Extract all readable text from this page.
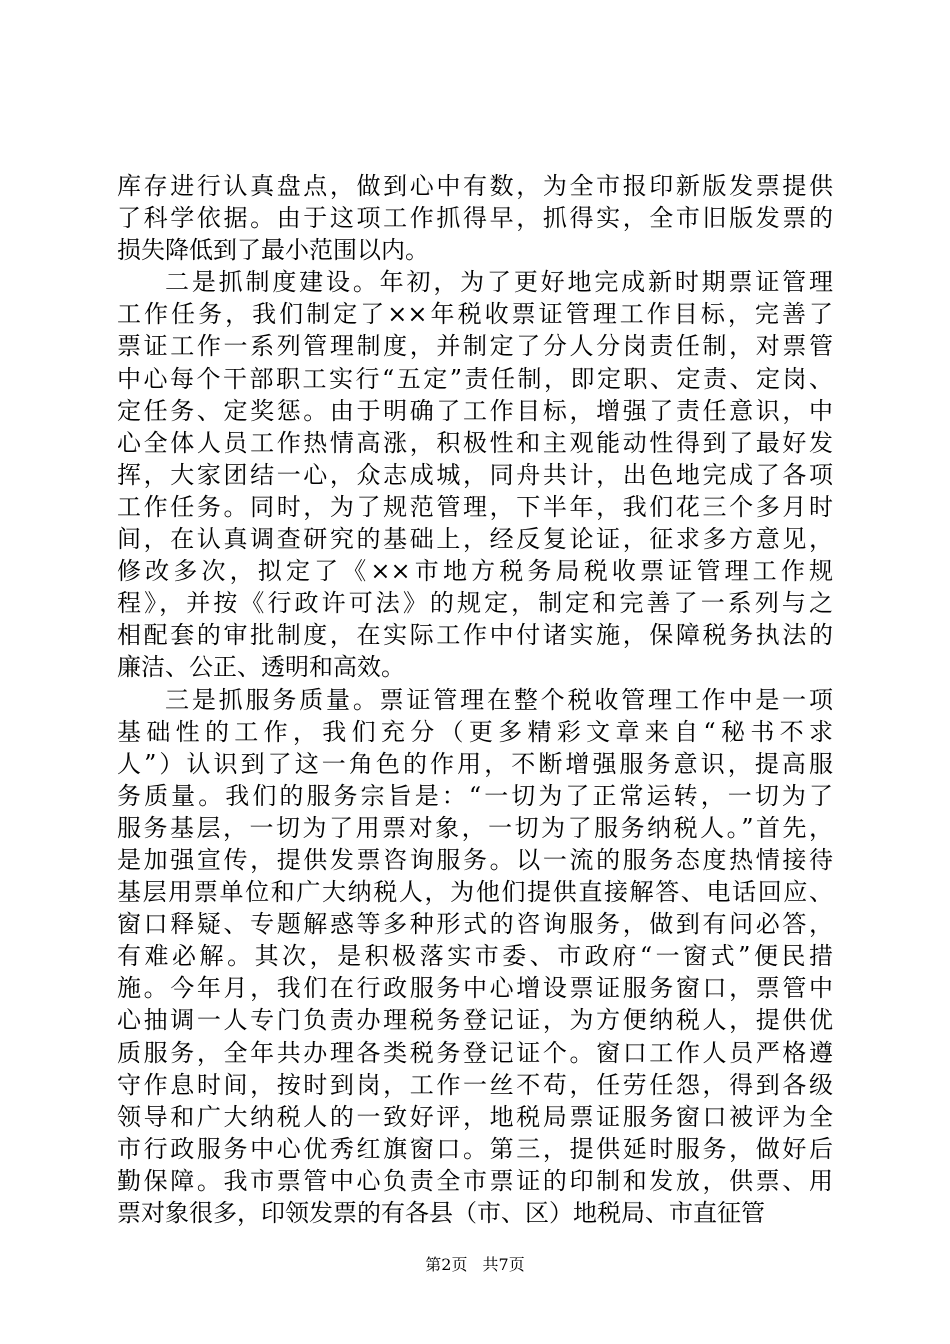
库存进行认真盘点，做到心中有数，为全市报印新版发票提供
了科学依据。由于这项工作抓得早，抓得实，全市旧版发票的
损失降低到了最小范围以内。
二是抓制度建设。年初，为了更好地完成新时期票证管理
工作任务，我们制定了××年税收票证管理工作目标，完善了
票证工作一系列管理制度，并制定了分人分岗责任制，对票管
中心每个干部职工实行“五定”责任制，即定职、定责、定岗、
定任务、定奖惩。由于明确了工作目标，增强了责任意识，中
心全体人员工作热情高涨，积极性和主观能动性得到了最好发
挥，大家团结一心，众志成城，同舟共计，出色地完成了各项
工作任务。同时，为了规范管理，下半年，我们花三个多月时
间，在认真调查研究的基础上，经反复论证，征求多方意见，
修改多次，拟定了《××市地方税务局税收票证管理工作规
程》，并按《行政许可法》的规定，制定和完善了一系列与之
相配套的审批制度，在实际工作中付诸实施，保障税务执法的
廉洁、公正、透明和高效。
三是抓服务质量。票证管理在整个税收管理工作中是一项
基础性的工作，我们充分（更多精彩文章来自“秘书不求
人”）认识到了这一角色的作用，不断增强服务意识，提高服
务质量。我们的服务宗旨是：“一切为了正常运转，一切为了
服务基层，一切为了用票对象，一切为了服务纳税人。”首先，
是加强宣传，提供发票咨询服务。以一流的服务态度热情接待
基层用票单位和广大纳税人，为他们提供直接解答、电话回应、
窗口释疑、专题解惑等多种形式的咨询服务，做到有问必答，
有难必解。其次，是积极落实市委、市政府“一窗式”便民措
施。今年月，我们在行政服务中心增设票证服务窗口，票管中
心抽调一人专门负责办理税务登记证，为方便纳税人，提供优
质服务，全年共办理各类税务登记证个。窗口工作人员严格遵
守作息时间，按时到岗，工作一丝不苟，任劳任怨，得到各级
领导和广大纳税人的一致好评，地税局票证服务窗口被评为全
市行政服务中心优秀红旗窗口。第三，提供延时服务，做好后
勤保障。我市票管中心负责全市票证的印制和发放，供票、用
票对象很多，印领发票的有各县（市、区）地税局、市直征管
第2页 共7页
